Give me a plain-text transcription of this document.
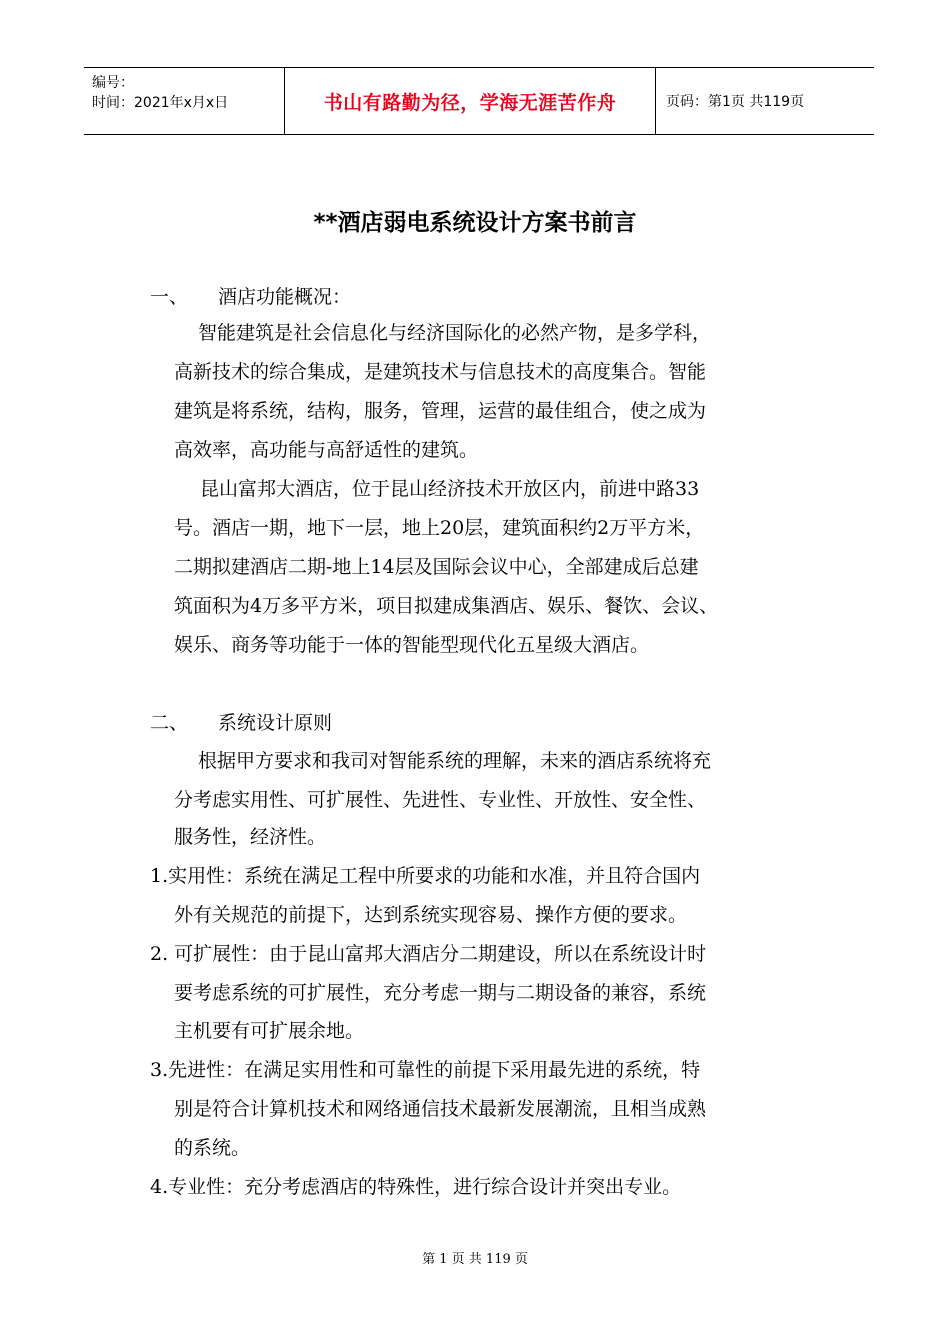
编号：
时间：2021年x月x日	书山有路勤为径，学海无涯苦作舟	页码：第1页 共119页
**酒店弱电系统设计方案书前言
一、 酒店功能概况：
智能建筑是社会信息化与经济国际化的必然产物，是多学科，
高新技术的综合集成，是建筑技术与信息技术的高度集合。智能
建筑是将系统，结构，服务，管理，运营的最佳组合，使之成为
高效率，高功能与高舒适性的建筑。
昆山富邦大酒店，位于昆山经济技术开放区内，前进中路33
号。酒店一期，地下一层，地上20层，建筑面积约2万平方米，
二期拟建酒店二期-地上14层及国际会议中心，全部建成后总建
筑面积为4万多平方米，项目拟建成集酒店、娱乐、餐饮、会议、
娱乐、商务等功能于一体的智能型现代化五星级大酒店。
二、 系统设计原则
根据甲方要求和我司对智能系统的理解，未来的酒店系统将充
分考虑实用性、可扩展性、先进性、专业性、开放性、安全性、
服务性，经济性。
1.实用性：系统在满足工程中所要求的功能和水准，并且符合国内
外有关规范的前提下，达到系统实现容易、操作方便的要求。
2. 可扩展性：由于昆山富邦大酒店分二期建设，所以在系统设计时
要考虑系统的可扩展性，充分考虑一期与二期设备的兼容，系统
主机要有可扩展余地。
3.先进性：在满足实用性和可靠性的前提下采用最先进的系统，特
别是符合计算机技术和网络通信技术最新发展潮流，且相当成熟
的系统。
4.专业性：充分考虑酒店的特殊性，进行综合设计并突出专业。
第 1 页 共 119 页
